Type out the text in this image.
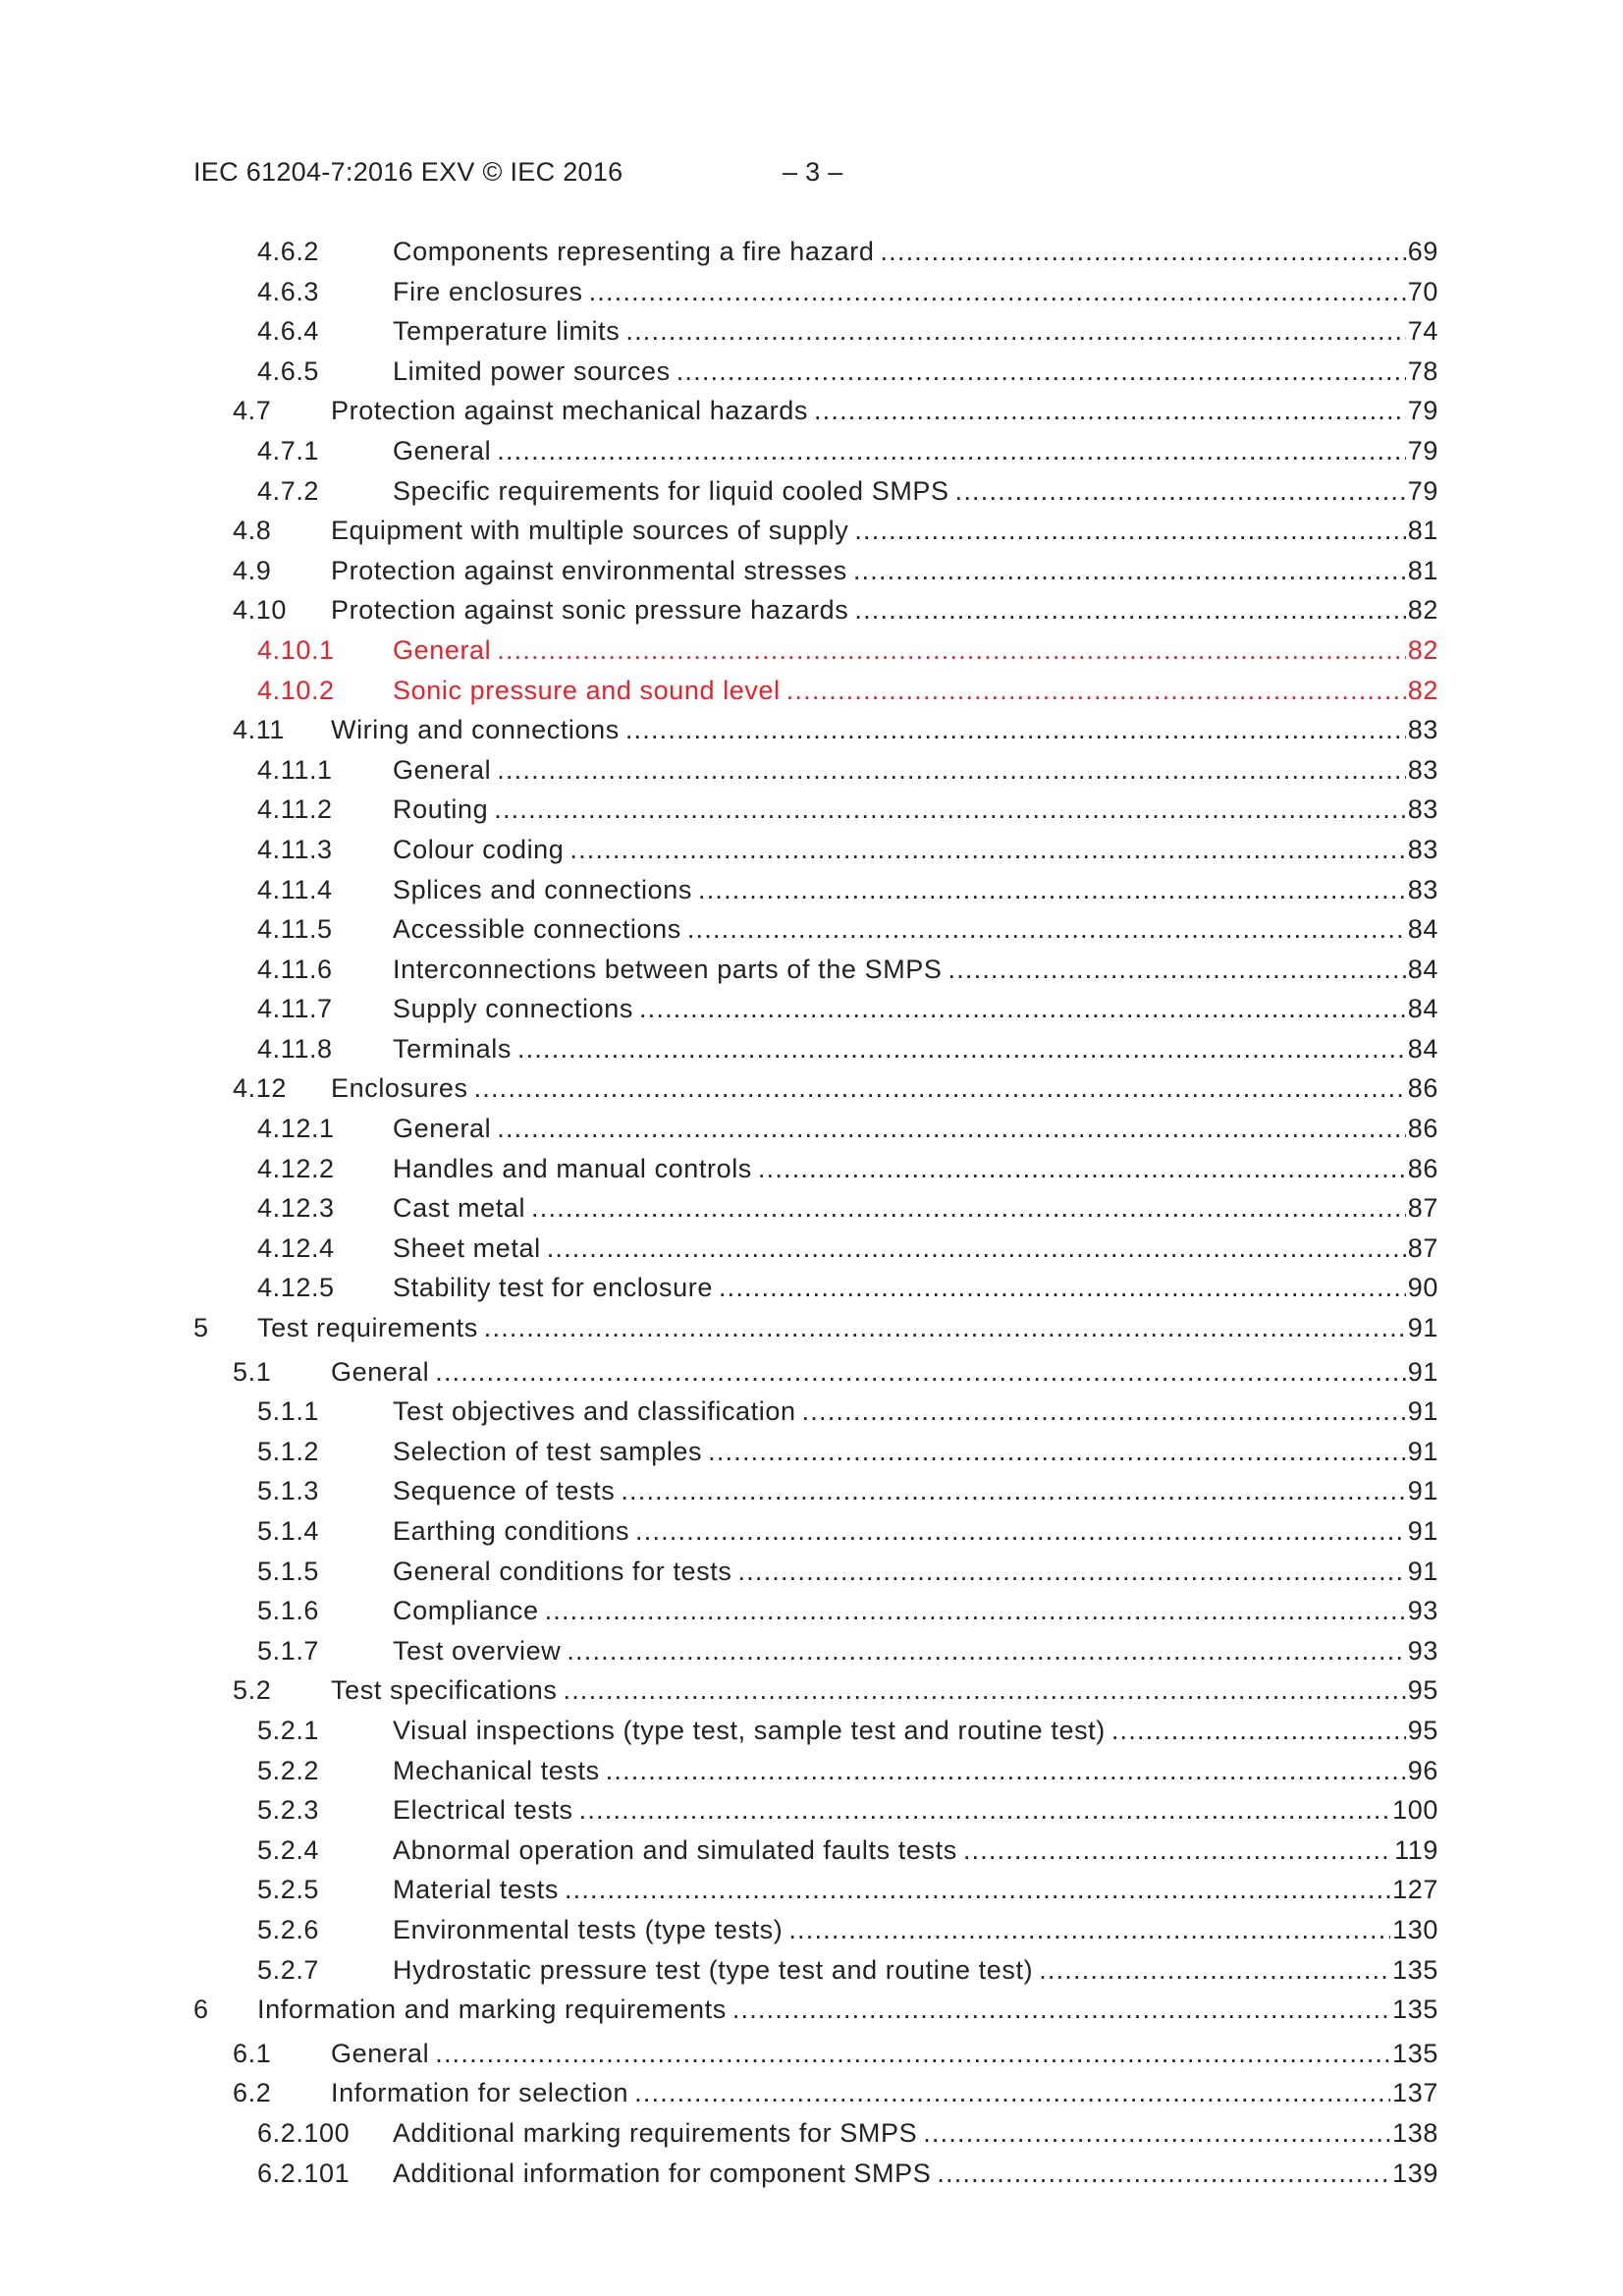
IEC 61204-7:2016 EXV © IEC 2016	– 3 –
4.6.2	Components representing a fire hazard .....	69
4.6.3	Fire enclosures .....	70
4.6.4	Temperature limits .....	74
4.6.5	Limited power sources .....	78
4.7 Protection against mechanical hazards .....	79
4.7.1	General .....	79
4.7.2	Specific requirements for liquid cooled SMPS .....	79
4.8 Equipment with multiple sources of supply .....	81
4.9 Protection against environmental stresses .....	81
4.10 Protection against sonic pressure hazards .....	82
4.10.1 General .....	82
4.10.2 Sonic pressure and sound level .....	82
4.11 Wiring and connections .....	83
4.11.1 General .....	83
4.11.2 Routing .....	83
4.11.3 Colour coding .....	83
4.11.4 Splices and connections .....	83
4.11.5 Accessible connections .....	84
4.11.6 Interconnections between parts of the SMPS .....	84
4.11.7 Supply connections .....	84
4.11.8 Terminals .....	84
4.12 Enclosures .....	86
4.12.1 General .....	86
4.12.2 Handles and manual controls .....	86
4.12.3 Cast metal .....	87
4.12.4 Sheet metal .....	87
4.12.5 Stability test for enclosure .....	90
5 Test requirements .....	91
5.1 General .....	91
5.1.1	Test objectives and classification .....	91
5.1.2	Selection of test samples .....	91
5.1.3	Sequence of tests .....	91
5.1.4	Earthing conditions .....	91
5.1.5	General conditions for tests .....	91
5.1.6	Compliance .....	93
5.1.7	Test overview .....	93
5.2 Test specifications .....	95
5.2.1	Visual inspections (type test, sample test and routine test) .....	95
5.2.2	Mechanical tests .....	96
5.2.3	Electrical tests .....	100
5.2.4	Abnormal operation and simulated faults tests .....	119
5.2.5	Material tests .....	127
5.2.6	Environmental tests (type tests) .....	130
5.2.7	Hydrostatic pressure test (type test and routine test) .....	135
6 Information and marking requirements .....	135
6.1 General .....	135
6.2 Information for selection .....	137
6.2.100 Additional marking requirements for SMPS .....	138
6.2.101 Additional information for component SMPS .....	139
